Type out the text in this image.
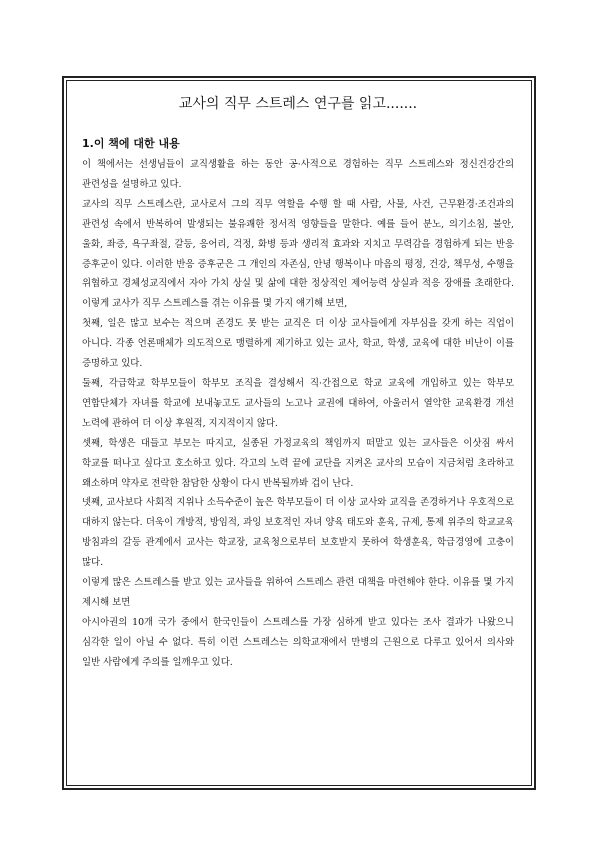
교사의 직무 스트레스 연구를 읽고.......
1.이 책에 대한 내용

이 책에서는 선생님들이 교직생활을 하는 동안 공·사적으로 경험하는 직무 스트레스와 정신건강간의 관련성을 설명하고 있다.

교사의 직무 스트레스란, 교사로서 그의 직무 역할을 수행 할 때 사람, 사물, 사건, 근무환경·조건과의 관련성 속에서 반복하여 발생되는 불유쾌한 정서적 영향들을 말한다. 예를 들어 분노, 의기소침, 불안, 울화, 좌증, 욕구좌절, 갈등, 응어리, 걱정, 화병 등과 생리적 효과와 지치고 무력감을 경험하게 되는 반응 증후군이 있다. 이러한 반응 증후군은 그 개인의 자존심, 안녕 행복이나 마음의 평정, 건강, 책무성, 수행을 위협하고 경체성교직에서 자아 가치 상실 및 삶에 대한 정상적인 제어능력 상실과 적응 장애를 초래한다. 이렇게 교사가 직무 스트레스를 겪는 이유를 몇 가지 얘기해 보면,

첫째, 일은 많고 보수는 적으며 존경도 못 받는 교직은 더 이상 교사들에게 자부심을 갖게 하는 직업이 아니다. 각종 언론매체가 의도적으로 맹렬하게 제기하고 있는 교사, 학교, 학생, 교육에 대한 비난이 이를 증명하고 있다.

둘째, 각급학교 학부모들이 학부모 조직을 결성해서 직·간접으로 학교 교육에 개입하고 있는 학부모 연합단체가 자녀를 학교에 보내놓고도 교사들의 노고나 교권에 대하여, 아울러서 열악한 교육환경 개선 노력에 관하여 더 이상 후원적, 지지적이지 않다.

셋째, 학생은 대들고 부모는 따지고, 실종된 가정교육의 책임까지 떠맡고 있는 교사들은 이삿짐 싸서 학교를 떠나고 싶다고 호소하고 있다. 각고의 노력 끝에 교단을 지켜온 교사의 모습이 지금처럼 초라하고 왜소하며 약자로 전락한 참담한 상황이 다시 반복될까봐 겁이 난다.

넷째, 교사보다 사회적 지위나 소득수준이 높은 학부모들이 더 이상 교사와 교직을 존경하거나 우호적으로 대하지 않는다. 더욱이 개방적, 방임적, 과잉 보호적인 자녀 양육 태도와 훈육, 규제, 통제 위주의 학교교육 방침과의 갈등 관계에서 교사는 학교장, 교육청으로부터 보호받지 못하여 학생훈육, 학급경영에 고충이 많다.

이렇게 많은 스트레스를 받고 있는 교사들을 위하여 스트레스 관련 대책을 마련해야 한다. 이유를 몇 가지 제시해 보면

아시아권의 10개 국가 중에서 한국인들이 스트레스를 가장 심하게 받고 있다는 조사 결과가 나왔으니 심각한 일이 아닐 수 없다. 특히 이런 스트레스는 의학교재에서 만병의 근원으로 다루고 있어서 의사와 일반 사람에게 주의를 일깨우고 있다.
